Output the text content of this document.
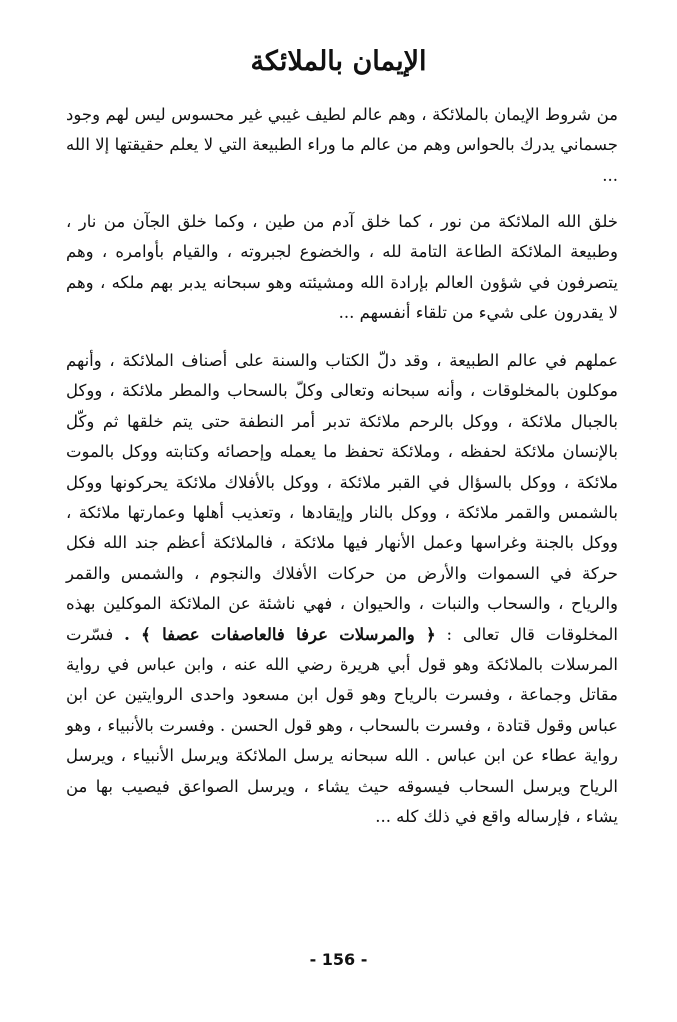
الإيمان بالملائكة

من شروط الإيمان بالملائكة ، وهم عالم لطيف غيبي غير محسوس ليس لهم وجود جسماني يدرك بالحواس وهم من عالم ما وراء الطبيعة التي لا يعلم حقيقتها إلا الله ...

خلق الله الملائكة من نور ، كما خلق آدم من طين ، وكما خلق الجآن من نار ، وطبيعة الملائكة الطاعة التامة لله ، والخضوع لجبروته ، والقيام بأوامره ، وهم يتصرفون في شؤون العالم بإرادة الله ومشيئته وهو سبحانه يدبر بهم ملكه ، وهم لا يقدرون على شيء من تلقاء أنفسهم ...

عملهم في عالم الطبيعة ، وقد دلّ الكتاب والسنة على أصناف الملائكة ، وأنهم موكلون بالمخلوقات ، وأنه سبحانه وتعالى وكلّ بالسحاب والمطر ملائكة ، ووكل بالجبال ملائكة ، ووكل بالرحم ملائكة تدبر أمر النطفة حتى يتم خلقها ثم وكّل بالإنسان ملائكة لحفظه ، وملائكة تحفظ ما يعمله وإحصائه وكتابته ووكل بالموت ملائكة ، ووكل بالسؤال في القبر ملائكة ، ووكل بالأفلاك ملائكة يحركونها ووكل بالشمس والقمر ملائكة ، ووكل بالنار وإيقادها ، وتعذيب أهلها وعمارتها ملائكة ، ووكل بالجنة وغراسها وعمل الأنهار فيها ملائكة ، فالملائكة أعظم جند الله فكل حركة في السموات والأرض من حركات الأفلاك والنجوم ، والشمس والقمر والرياح ، والسحاب والنبات ، والحيوان ، فهي ناشئة عن الملائكة الموكلين بهذه المخلوقات قال تعالى : ﴿ والمرسلات عرفا فالعاصفات عصفا ﴾ . فسّرت المرسلات بالملائكة وهو قول أبي هريرة رضي الله عنه ، وابن عباس في رواية مقاتل وجماعة ، وفسرت بالرياح وهو قول ابن مسعود واحدى الروايتين عن ابن عباس وقول قتادة ، وفسرت بالسحاب ، وهو قول الحسن . وفسرت بالأنبياء ، وهو رواية عطاء عن ابن عباس . الله سبحانه يرسل الملائكة ويرسل الأنبياء ، ويرسل الرياح ويرسل السحاب فيسوقه حيث يشاء ، ويرسل الصواعق فيصيب بها من يشاء ، فإرساله واقع في ذلك كله ...

- 156 -
